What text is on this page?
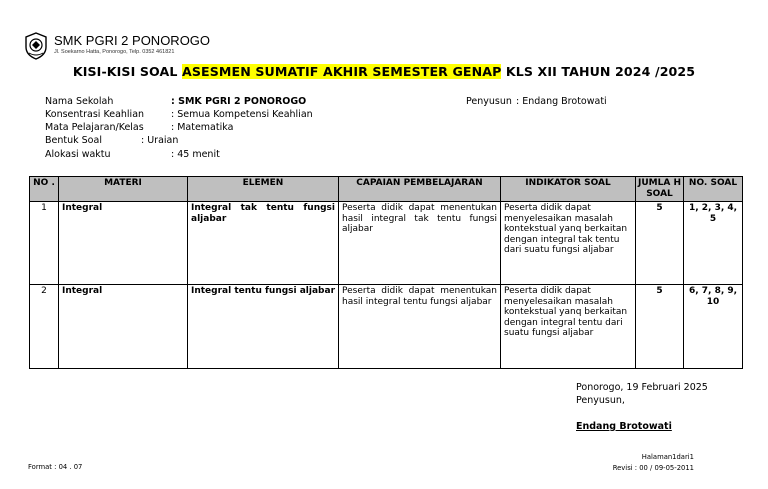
SMK PGRI 2 PONOROGO
Jl. Soekarno Hatta, Ponorogo, Telp. 0352 461821
KISI-KISI SOAL ASESMEN SUMATIF AKHIR SEMESTER GENAP KLS XII TAHUN 2024 /2025
Nama Sekolah	: SMK PGRI 2 PONOROGO
Konsentrasi Keahlian	: Semua Kompetensi Keahlian
Mata Pelajaran/Kelas	: Matematika
Bentuk Soal	: Uraian
Alokasi waktu	: 45 menit
Penyusun : Endang Brotowati
NO .	MATERI	ELEMEN	CAPAIAN PEMBELAJARAN	INDIKATOR SOAL	JUMLA H SOAL	NO. SOAL
1	Integral	Integral tak tentu fungsi aljabar	Peserta didik dapat menentukan hasil integral tak tentu fungsi aljabar	Peserta didik dapat menyelesaikan masalah kontekstual yanq berkaitan dengan integral tak tentu dari suatu fungsi aljabar	5	1, 2, 3, 4, 5
2	Integral	Integral tentu fungsi aljabar	Peserta didik dapat menentukan hasil integral tentu fungsi aljabar	Peserta didik dapat menyelesaikan masalah kontekstual yanq berkaitan dengan integral tentu dari suatu fungsi aljabar	5	6, 7, 8, 9, 10
Ponorogo, 19 Februari 2025
Penyusun,
Endang Brotowati
Format : 04 . 07
Halaman1dari1
Revisi : 00 / 09-05-2011
